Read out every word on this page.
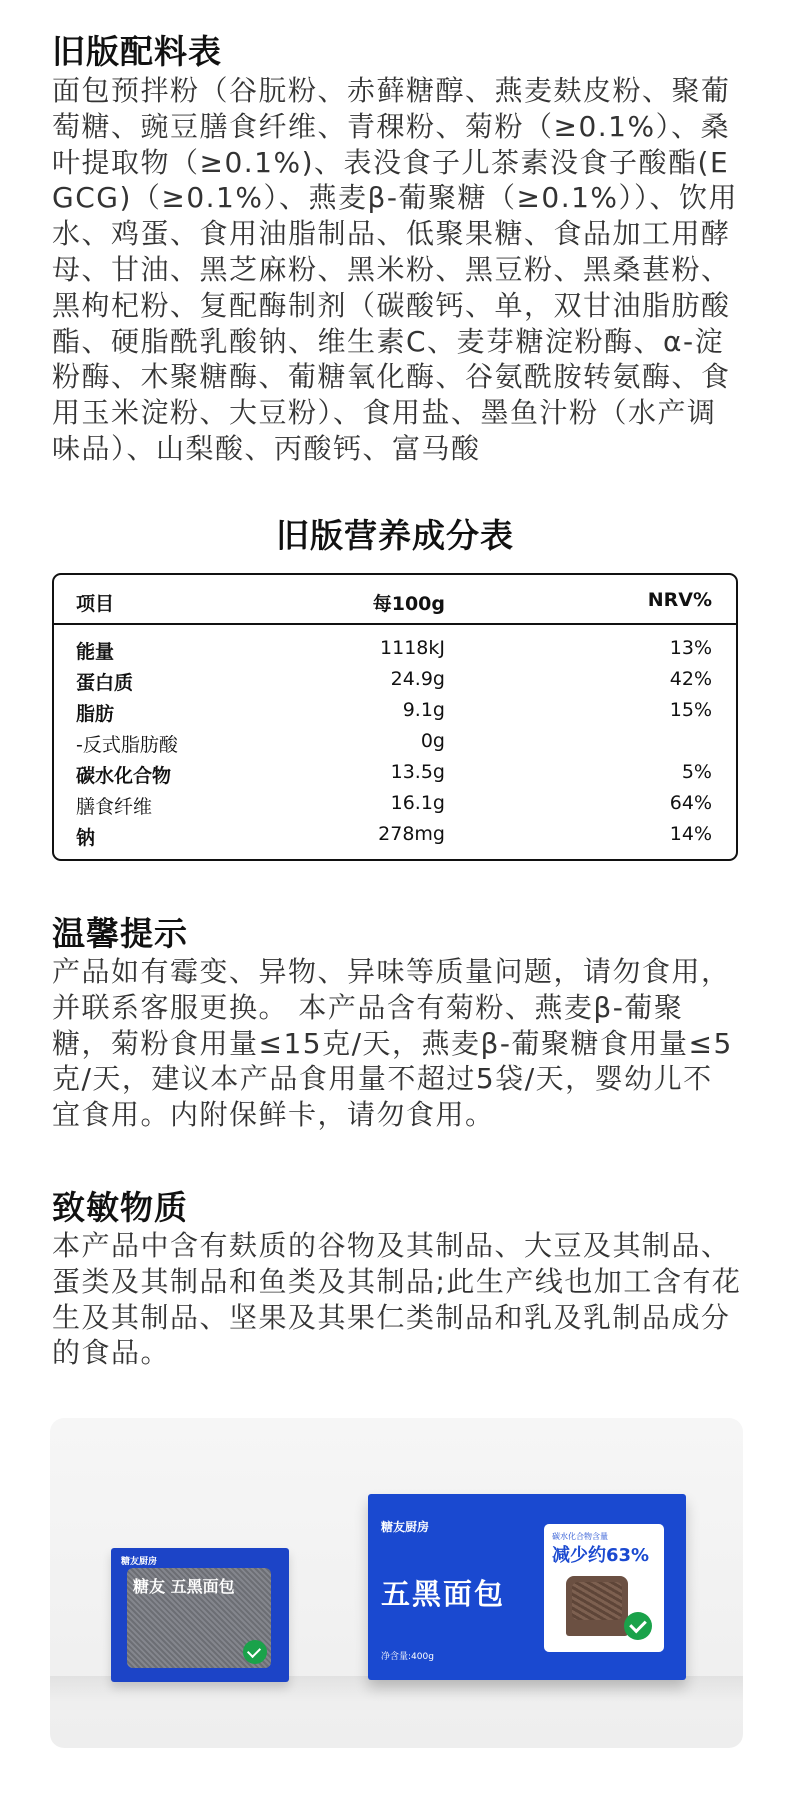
旧版配料表
面包预拌粉（谷朊粉、赤藓糖醇、燕麦麸皮粉、聚葡萄糖、豌豆膳食纤维、青稞粉、菊粉（≥0.1%）、桑叶提取物（≥0.1%)、表没食子儿茶素没食子酸酯(EGCG)（≥0.1%）、燕麦β-葡聚糖（≥0.1%））、饮用水、鸡蛋、食用油脂制品、低聚果糖、食品加工用酵母、甘油、黑芝麻粉、黑米粉、黑豆粉、黑桑葚粉、黑枸杞粉、复配酶制剂（碳酸钙、单，双甘油脂肪酸酯、硬脂酰乳酸钠、维生素C、麦芽糖淀粉酶、α-淀粉酶、木聚糖酶、葡糖氧化酶、谷氨酰胺转氨酶、食用玉米淀粉、大豆粉）、食用盐、墨鱼汁粉（水产调味品）、山梨酸、丙酸钙、富马酸
旧版营养成分表
项目	每100g	NRV%
能量	1118kJ	13%
蛋白质	24.9g	42%
脂肪	9.1g	15%
-反式脂肪酸	0g
碳水化合物	13.5g	5%
膳食纤维	16.1g	64%
钠	278mg	14%
温馨提示
产品如有霉变、异物、异味等质量问题，请勿食用，并联系客服更换。 本产品含有菊粉、燕麦β-葡聚糖，菊粉食用量≤15克/天，燕麦β-葡聚糖食用量≤5克/天，建议本产品食用量不超过5袋/天，婴幼儿不宜食用。内附保鲜卡，请勿食用。
致敏物质
本产品中含有麸质的谷物及其制品、大豆及其制品、蛋类及其制品和鱼类及其制品;此生产线也加工含有花生及其制品、坚果及其果仁类制品和乳及乳制品成分的食品。
糖友厨房
糖友 五黑面包
糖友厨房
五黑面包
净含量:400g
碳水化合物含量
减少约63%
